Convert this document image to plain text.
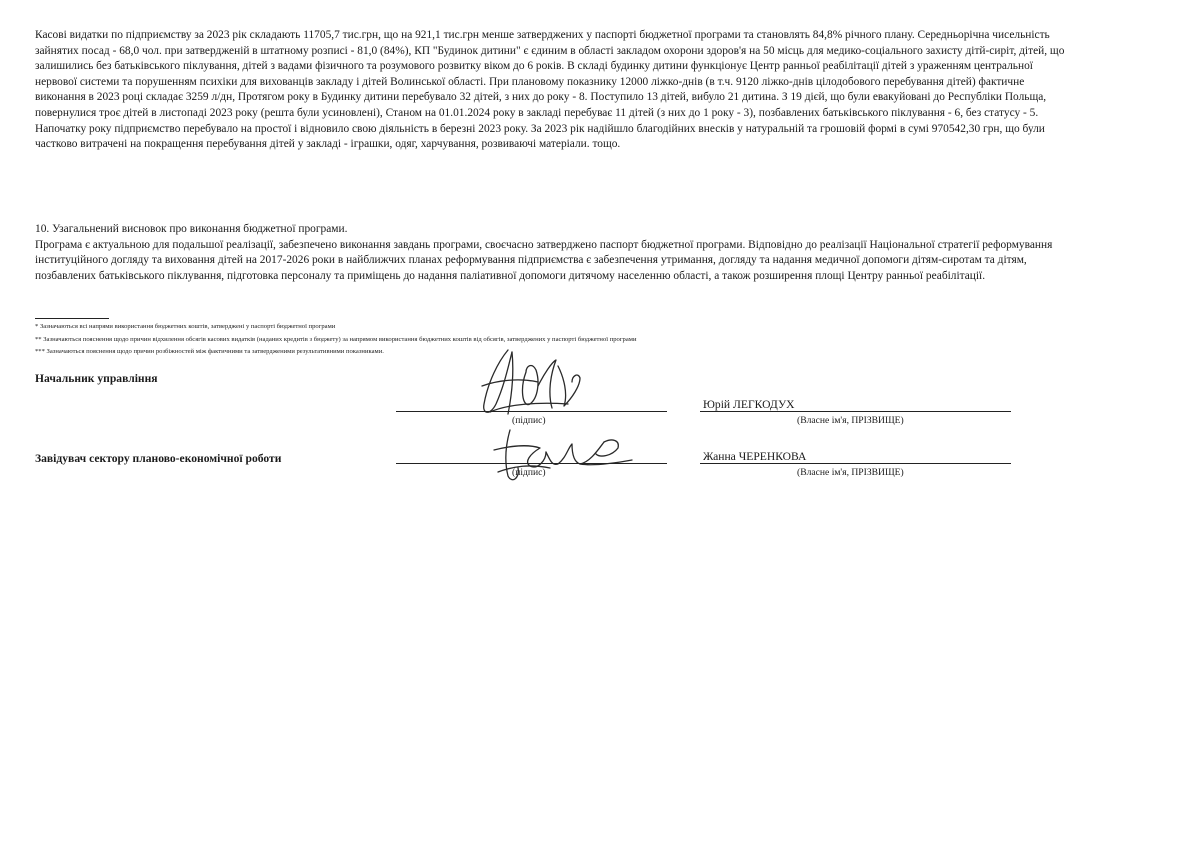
Касові видатки по підприємству за 2023 рік складають 11705,7 тис.грн, що на 921,1 тис.грн менше затверджених у паспорті бюджетної програми та становлять 84,8% річного плану. Середньорічна чисельність зайнятих посад - 68,0 чол. при затвердженій в штатному розписі - 81,0 (84%), КП "Будинок дитини" є єдиним в області закладом охорони здоров'я на 50 місць для медико-соціального захисту дітй-сиріт, дітей, що залишились без батьківського піклування, дітей з вадами фізичного та розумового розвитку віком до 6 років. В складі будинку дитини функціонує Центр ранньої реабілітації дітей з ураженням центральної нервової системи та порушенням психіки для вихованців закладу і дітей Волинської області. При плановому показнику 12000 ліжко-днів (в т.ч. 9120 ліжко-днів цілодобового перебування дітей) фактичне виконання в 2023 році складає 3259 л/дн, Протягом року в Будинку дитини перебувало 32 дітей, з них до року - 8. Поступило 13 дітей, вибуло 21 дитина. З 19 дієй, що були евакуйовані до Республіки Польща, повернулися троє дітей в листопаді 2023 року (решта були усиновлені), Станом на 01.01.2024 року в закладі перебуває 11 дітей (з них до 1 року - 3), позбавлених батьківського піклування - 6, без статусу - 5. Напочатку року підприємство перебувало на простої і відновило свою діяльність в березні 2023 року. За 2023 рік надійшло благодійних внесків у натуральній та грошовій формі в сумі 970542,30 грн, що були частково витрачені на покращення перебування дітей у закладі - іграшки, одяг, харчування, розвиваючі матеріали. тощо.
10. Узагальнений висновок про виконання бюджетної програми.
Програма є актуальною для подальшої реалізації, забезпечено виконання завдань програми, своєчасно затверджено паспорт бюджетної програми. Відповідно до реалізації Національної стратегії реформування інституційного догляду та виховання дітей на 2017-2026 роки в найближчих планах реформування підприємства є забезпечення утримання, догляду та надання медичної допомоги дітям-сиротам та дітям, позбавлених батьківського піклування, підготовка персоналу та приміщень до надання паліативної допомоги дитячому населенню області, а також розширення площі Центру ранньої реабілітації.
* Зазначаються всі напрями використання бюджетних коштів, затверджені у паспорті бюджетної програми
** Зазначаються пояснення щодо причин відхилення обсягів касових видатків (наданих кредитів з бюджету) за напрямом використання бюджетних коштів від обсягів, затверджених у паспорті бюджетної програми
*** Зазначаються пояснення щодо причин розбіжностей між фактичними та затвердженими результативними показниками.
Начальник управління
(підпис)
Юрій ЛЕГКОДУХ
(Власне ім'я, ПРІЗВИЩЕ)
Завідувач сектору планово-економічної роботи
(підпис)
Жанна ЧЕРЕНКОВА
(Власне ім'я, ПРІЗВИЩЕ)
